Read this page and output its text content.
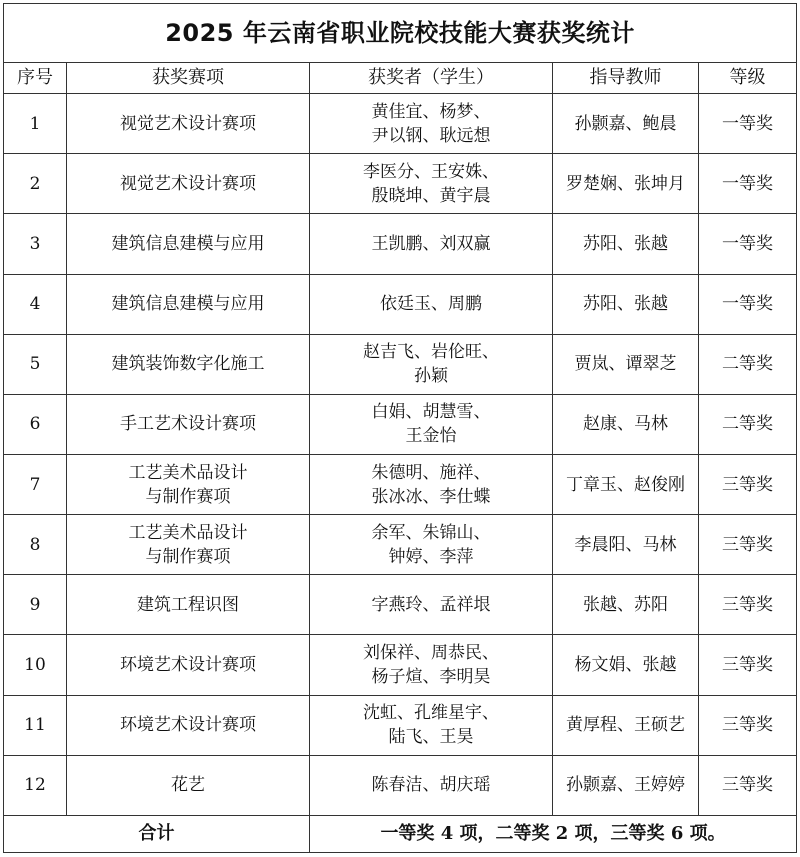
2025 年云南省职业院校技能大赛获奖统计				
序号	获奖赛项	获奖者（学生）	指导教师	等级
1	视觉艺术设计赛项	黄佳宜、杨梦、
尹以钢、耿远想	孙颢嘉、鲍晨	一等奖
2	视觉艺术设计赛项	李医分、王安姝、
殷晓坤、黄宇晨	罗楚娴、张坤月	一等奖
3	建筑信息建模与应用	王凯鹏、刘双赢	苏阳、张越	一等奖
4	建筑信息建模与应用	依廷玉、周鹏	苏阳、张越	一等奖
5	建筑装饰数字化施工	赵吉飞、岩伦旺、
孙颖	贾岚、谭翠芝	二等奖
6	手工艺术设计赛项	白娟、胡慧雪、
王金怡	赵康、马林	二等奖
7	工艺美术品设计
与制作赛项	朱德明、施祥、
张冰冰、李仕蝶	丁章玉、赵俊刚	三等奖
8	工艺美术品设计
与制作赛项	余军、朱锦山、
钟婷、李萍	李晨阳、马林	三等奖
9	建筑工程识图	字燕玲、孟祥垠	张越、苏阳	三等奖
10	环境艺术设计赛项	刘保祥、周恭民、
杨子煊、李明昊	杨文娟、张越	三等奖
11	环境艺术设计赛项	沈虹、孔维星宇、
陆飞、王昊	黄厚程、王硕艺	三等奖
12	花艺	陈春洁、胡庆瑶	孙颢嘉、王婷婷	三等奖
合计		一等奖 4 项，二等奖 2 项，三等奖 6 项。		
